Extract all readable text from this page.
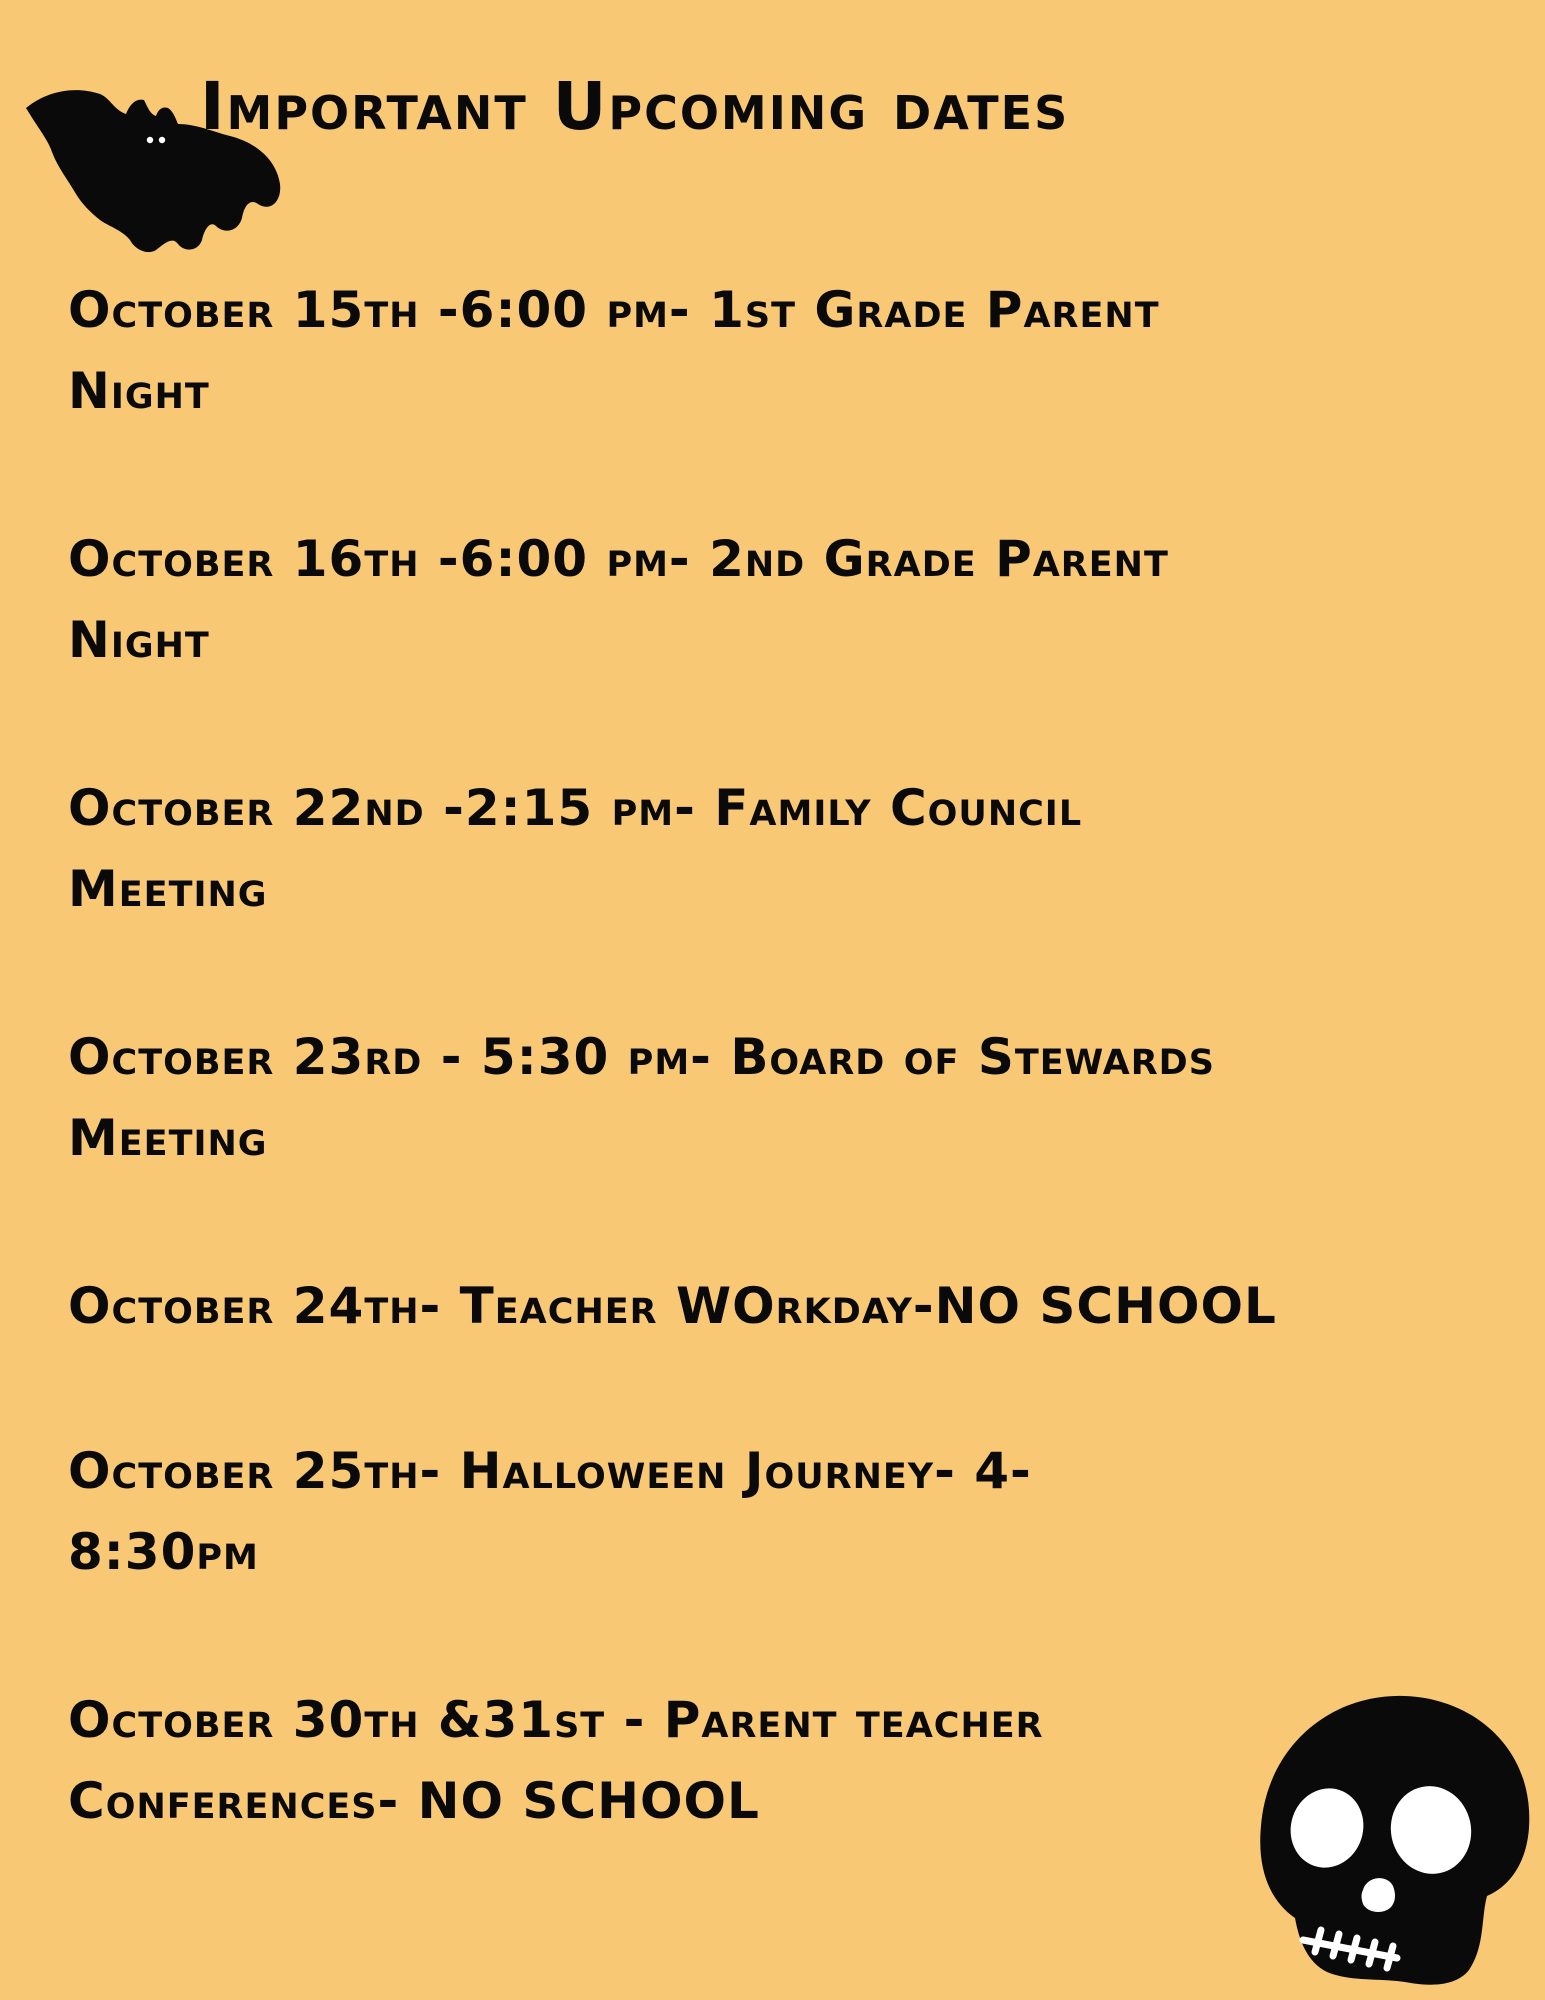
Important Upcoming dates
October 15th -6:00 pm- 1st Grade Parent
Night
October 16th -6:00 pm- 2nd Grade Parent
Night
October 22nd -2:15 pm- Family Council
Meeting
October 23rd - 5:30 pm- Board of Stewards
Meeting
October 24th- Teacher WOrkday-NO SCHOOL
October 25th- Halloween Journey- 4-
8:30pm
October 30th &31st - Parent teacher
Conferences- NO SCHOOL
